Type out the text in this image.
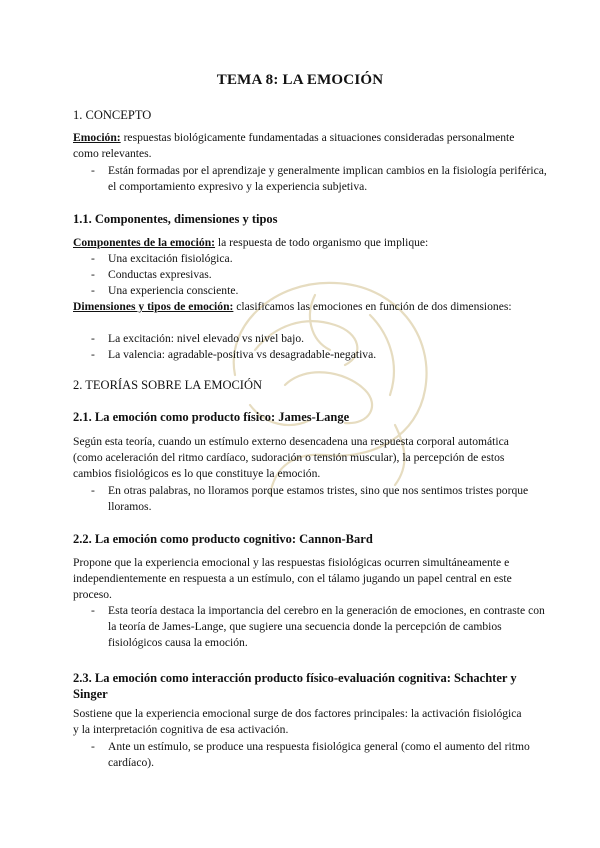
TEMA 8: LA EMOCIÓN
1. CONCEPTO

Emoción: respuestas biológicamente fundamentadas a situaciones consideradas personalmente como relevantes.

- Están formadas por el aprendizaje y generalmente implican cambios en la fisiología periférica, el comportamiento expresivo y la experiencia subjetiva.
1.1. Componentes, dimensiones y tipos

Componentes de la emoción: la respuesta de todo organismo que implique:

- Una excitación fisiológica.
- Conductas expresivas.
- Una experiencia consciente.

Dimensiones y tipos de emoción: clasificamos las emociones en función de dos dimensiones:

- La excitación: nivel elevado vs nivel bajo.
- La valencia: agradable-positiva vs desagradable-negativa.
2. TEORÍAS SOBRE LA EMOCIÓN
2.1. La emoción como producto físico: James-Lange

Según esta teoría, cuando un estímulo externo desencadena una respuesta corporal automática (como aceleración del ritmo cardíaco, sudoración o tensión muscular), la percepción de estos cambios fisiológicos es lo que constituye la emoción.

- En otras palabras, no lloramos porque estamos tristes, sino que nos sentimos tristes porque lloramos.
2.2. La emoción como producto cognitivo: Cannon-Bard

Propone que la experiencia emocional y las respuestas fisiológicas ocurren simultáneamente e independientemente en respuesta a un estímulo, con el tálamo jugando un papel central en este proceso.

- Esta teoría destaca la importancia del cerebro en la generación de emociones, en contraste con la teoría de James-Lange, que sugiere una secuencia donde la percepción de cambios fisiológicos causa la emoción.
2.3. La emoción como interacción producto físico-evaluación cognitiva: Schachter y Singer

Sostiene que la experiencia emocional surge de dos factores principales: la activación fisiológica y la interpretación cognitiva de esa activación.

- Ante un estímulo, se produce una respuesta fisiológica general (como el aumento del ritmo cardíaco).
